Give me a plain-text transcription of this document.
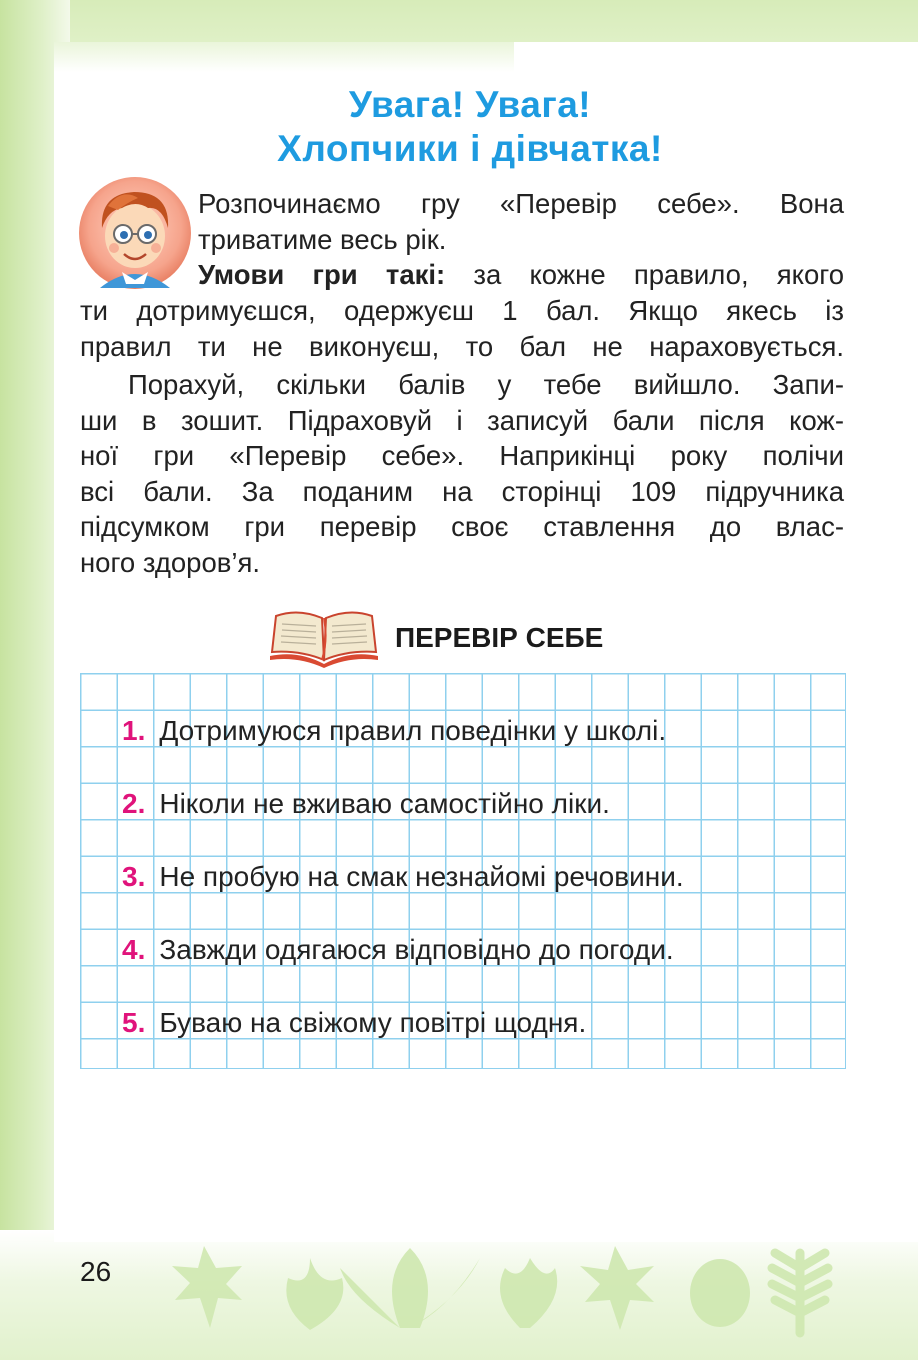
Увага! Увага!
Хлопчики і дівчатка!
Розпочинаємо гру «Перевір себе». Вона
триватиме весь рік.
Умови гри такі: за кожне правило, якого
ти дотримуєшся, одержуєш 1 бал. Якщо якесь із
правил ти не виконуєш, то бал не нараховується.
Порахуй, скільки балів у тебе вийшло. Запи-
ши в зошит. Підраховуй і записуй бали після кож-
ної гри «Перевір себе». Наприкінці року полічи
всі бали. За поданим на сторінці 109 підручника
підсумком гри перевір своє ставлення до влас-
ного здоров’я.

ПЕРЕВІР СЕБЕ

1. Дотримуюся правил поведінки у школі.

2. Ніколи не вживаю самостійно ліки.

3. Не пробую на смак незнайомі речовини.

4. Завжди одягаюся відповідно до погоди.

5. Буваю на свіжому повітрі щодня.

26
